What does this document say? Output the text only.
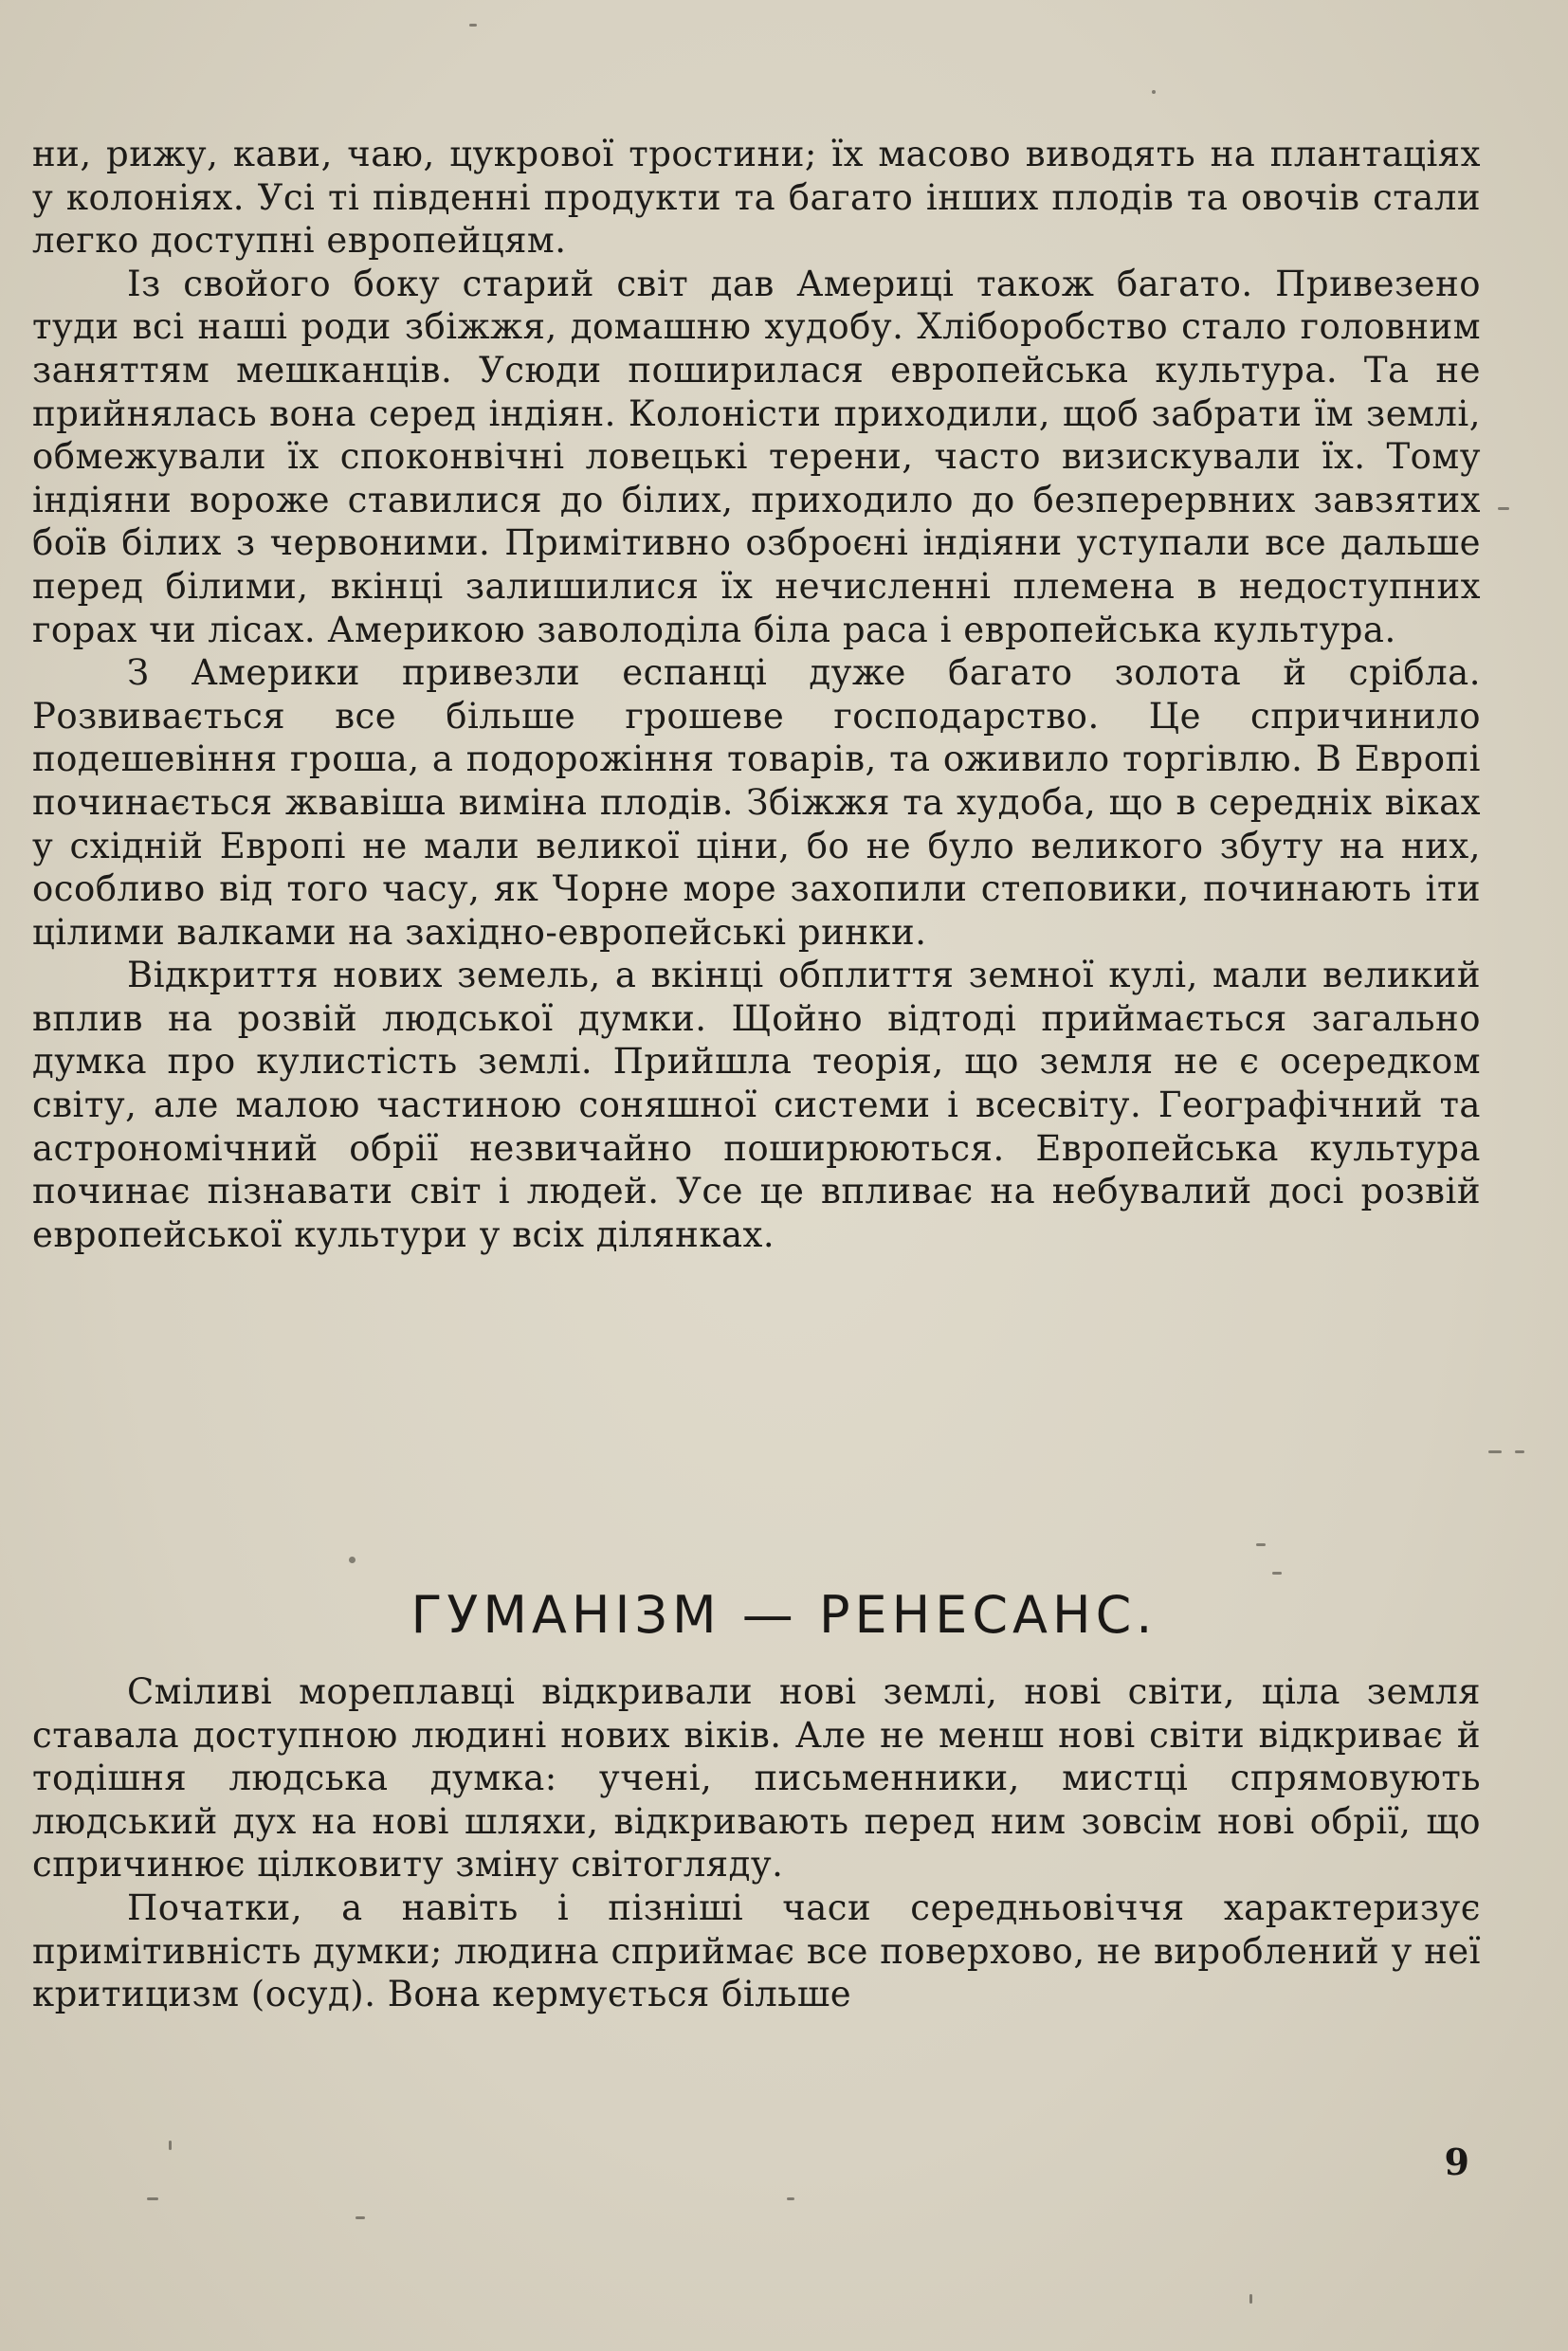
ни, рижу, кави, чаю, цукрової тростини; їх масово виводять на плантаціях у колоніях. Усі ті південні продукти та багато інших плодів та овочів стали легко доступні европейцям.

Із свойого боку старий світ дав Америці також багато. Привезено туди всі наші роди збіжжя, домашню худобу. Хліборобство стало головним заняттям мешканців. Усюди поширилася европейська культура. Та не прийнялась вона серед індіян. Колоністи приходили, щоб забрати їм землі, обмежували їх споконвічні ловецькі терени, часто визискували їх. Тому індіяни вороже ставилися до білих, приходило до безперервних завзятих боїв білих з червоними. Примітивно озброєні індіяни уступали все дальше перед білими, вкінці залишилися їх нечисленні племена в недоступних горах чи лісах. Америкою заволоділа біла раса і европейська культура.

З Америки привезли еспанці дуже багато золота й срібла. Розвивається все більше грошеве господарство. Це спричинило подешевіння гроша, а подорожіння товарів, та оживило торгівлю. В Европі починається жвавіша виміна плодів. Збіжжя та худоба, що в середніх віках у східній Европі не мали великої ціни, бо не було великого збуту на них, особливо від того часу, як Чорне море захопили степовики, починають іти цілими валками на західно-европейські ринки.

Відкриття нових земель, а вкінці обплиття земної кулі, мали великий вплив на розвій людської думки. Щойно відтоді приймається загально думка про кулистість землі. Прийшла теорія, що земля не є осередком світу, але малою частиною соняшної системи і всесвіту. Географічний та астрономічний обрії незвичайно поширюються. Европейська культура починає пізнавати світ і людей. Усе це впливає на небувалий досі розвій европейської культури у всіх ділянках.

ГУМАНІЗМ — РЕНЕСАНС.

Сміливі мореплавці відкривали нові землі, нові світи, ціла земля ставала доступною людині нових віків. Але не менш нові світи відкриває й тодішня людська думка: учені, письменники, мистці спрямовують людський дух на нові шляхи, відкривають перед ним зовсім нові обрії, що спричинює цілковиту зміну світогляду.

Початки, а навіть і пізніші часи середньовіччя характеризує примітивність думки; людина сприймає все поверхово, не вироблений у неї критицизм (осуд). Вона кермується більше

9
